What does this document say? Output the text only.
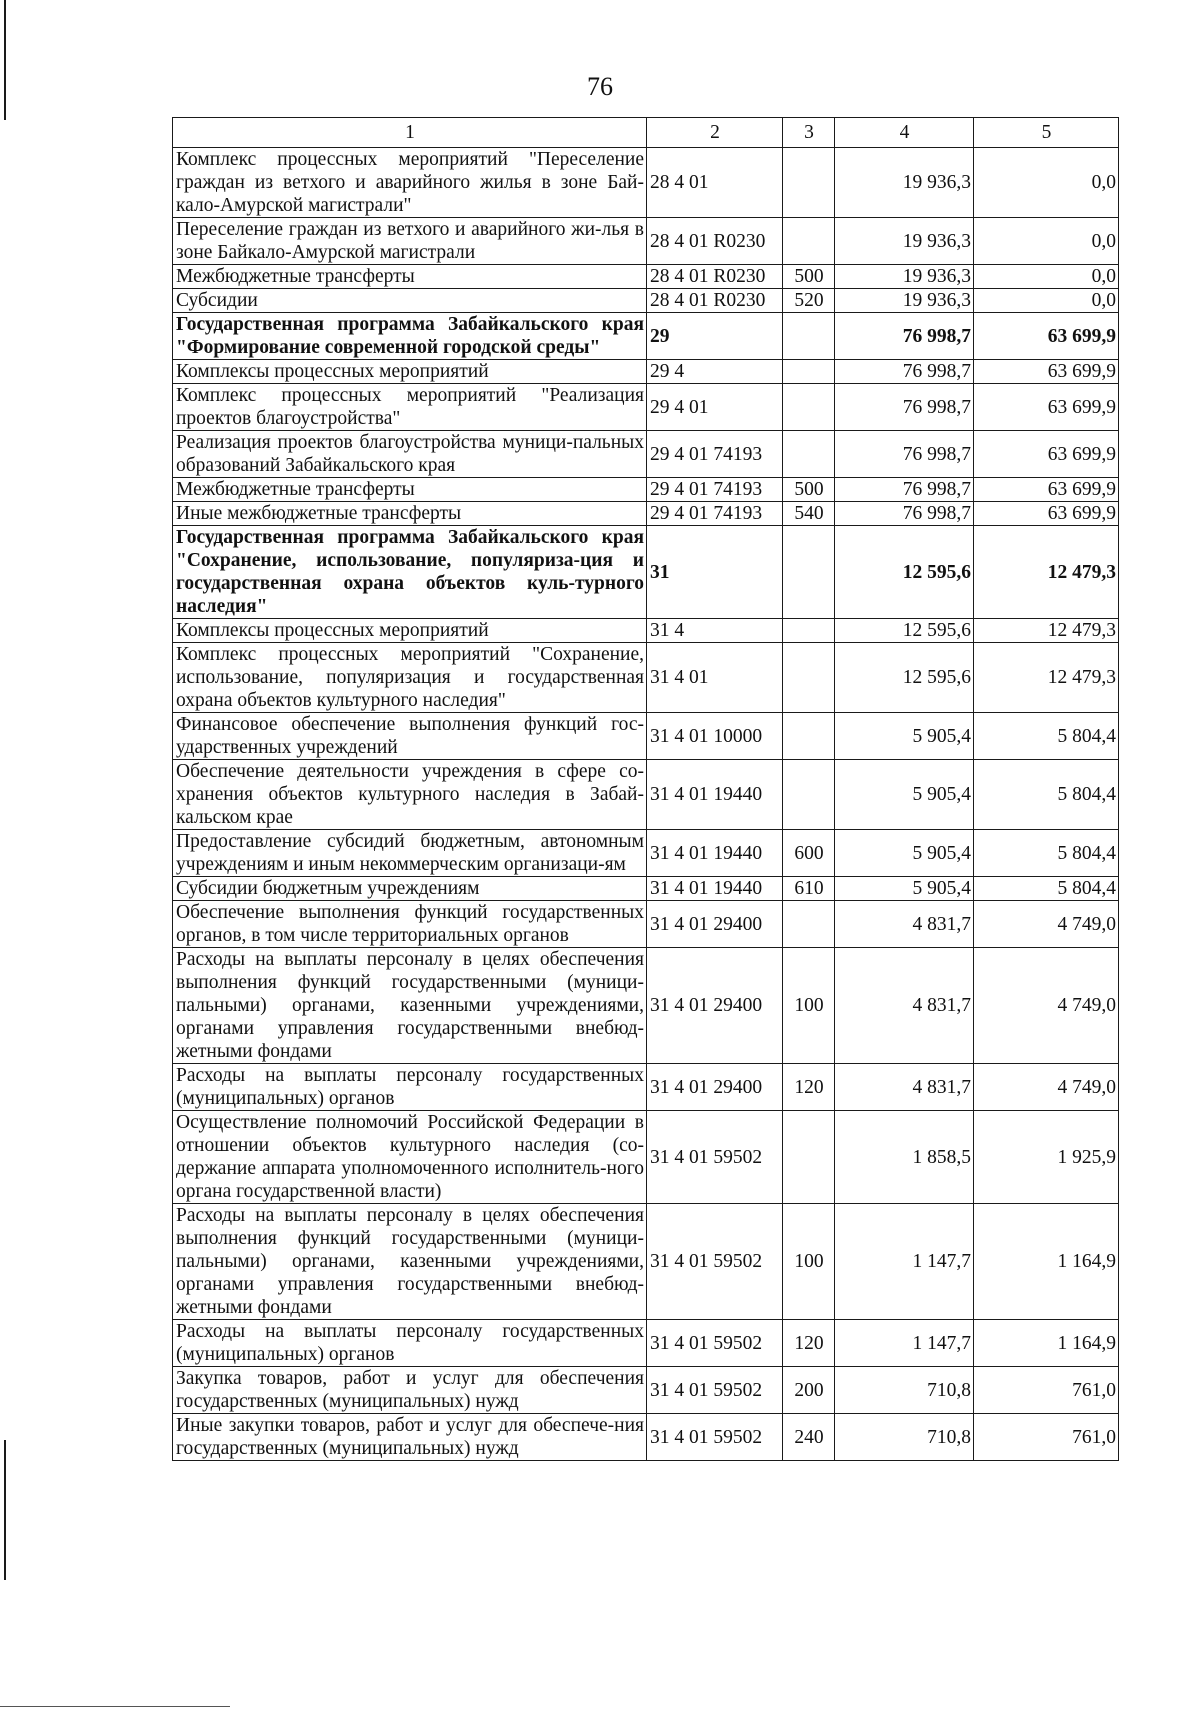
76
1	2	3	4	5
Комплекс процессных мероприятий "Переселение граждан из ветхого и аварийного жилья в зоне Бай-кало-Амурской магистрали"	28 4 01		19 936,3	0,0
Переселение граждан из ветхого и аварийного жи-лья в зоне Байкало-Амурской магистрали	28 4 01 R0230		19 936,3	0,0
Межбюджетные трансферты	28 4 01 R0230	500	19 936,3	0,0
Субсидии	28 4 01 R0230	520	19 936,3	0,0
Государственная программа Забайкальского края "Формирование современной городской среды"	29		76 998,7	63 699,9
Комплексы процессных мероприятий	29 4		76 998,7	63 699,9
Комплекс процессных мероприятий "Реализация проектов благоустройства"	29 4 01		76 998,7	63 699,9
Реализация проектов благоустройства муници-пальных образований Забайкальского края	29 4 01 74193		76 998,7	63 699,9
Межбюджетные трансферты	29 4 01 74193	500	76 998,7	63 699,9
Иные межбюджетные трансферты	29 4 01 74193	540	76 998,7	63 699,9
Государственная программа Забайкальского края "Сохранение, использование, популяриза-ция и государственная охрана объектов куль-турного наследия"	31		12 595,6	12 479,3
Комплексы процессных мероприятий	31 4		12 595,6	12 479,3
Комплекс процессных мероприятий "Сохранение, использование, популяризация и государственная охрана объектов культурного наследия"	31 4 01		12 595,6	12 479,3
Финансовое обеспечение выполнения функций гос-ударственных учреждений	31 4 01 10000		5 905,4	5 804,4
Обеспечение деятельности учреждения в сфере со-хранения объектов культурного наследия в Забай-кальском крае	31 4 01 19440		5 905,4	5 804,4
Предоставление субсидий бюджетным, автономным учреждениям и иным некоммерческим организаци-ям	31 4 01 19440	600	5 905,4	5 804,4
Субсидии бюджетным учреждениям	31 4 01 19440	610	5 905,4	5 804,4
Обеспечение выполнения функций государственных органов, в том числе территориальных органов	31 4 01 29400		4 831,7	4 749,0
Расходы на выплаты персоналу в целях обеспечения выполнения функций государственными (муници-пальными) органами, казенными учреждениями, органами управления государственными внебюд-жетными фондами	31 4 01 29400	100	4 831,7	4 749,0
Расходы на выплаты персоналу государственных (муниципальных) органов	31 4 01 29400	120	4 831,7	4 749,0
Осуществление полномочий Российской Федерации в отношении объектов культурного наследия (со-держание аппарата уполномоченного исполнитель-ного органа государственной власти)	31 4 01 59502		1 858,5	1 925,9
Расходы на выплаты персоналу в целях обеспечения выполнения функций государственными (муници-пальными) органами, казенными учреждениями, органами управления государственными внебюд-жетными фондами	31 4 01 59502	100	1 147,7	1 164,9
Расходы на выплаты персоналу государственных (муниципальных) органов	31 4 01 59502	120	1 147,7	1 164,9
Закупка товаров, работ и услуг для обеспечения государственных (муниципальных) нужд	31 4 01 59502	200	710,8	761,0
Иные закупки товаров, работ и услуг для обеспече-ния государственных (муниципальных) нужд	31 4 01 59502	240	710,8	761,0
